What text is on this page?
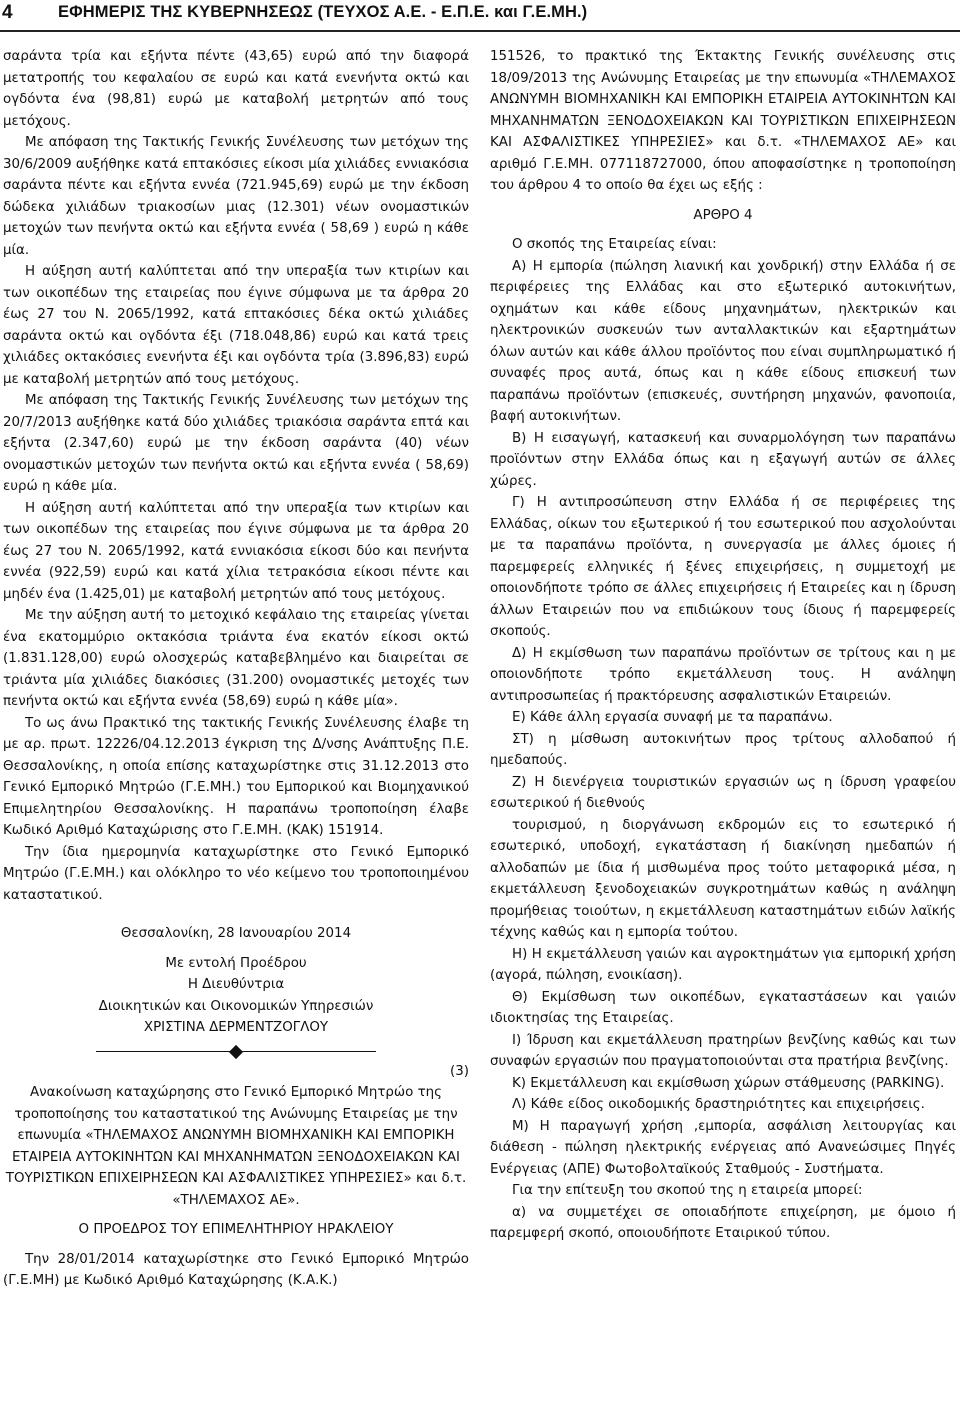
4	ΕΦΗΜΕΡΙΣ ΤΗΣ ΚΥΒΕΡΝΗΣΕΩΣ (ΤΕΥΧΟΣ Α.Ε. - Ε.Π.Ε. και Γ.Ε.ΜΗ.)

σαράντα τρία και εξήντα πέντε (43,65) ευρώ από την διαφορά μετατροπής του κεφαλαίου σε ευρώ και κατά ενενήντα οκτώ και ογδόντα ένα (98,81) ευρώ με καταβολή μετρητών από τους μετόχους.

Με απόφαση της Τακτικής Γενικής Συνέλευσης των μετόχων της 30/6/2009 αυξήθηκε κατά επτακόσιες είκοσι μία χιλιάδες εννιακόσια σαράντα πέντε και εξήντα εννέα (721.945,69) ευρώ με την έκδοση δώδεκα χιλιάδων τριακοσίων μιας (12.301) νέων ονομαστικών μετοχών των πενήντα οκτώ και εξήντα εννέα ( 58,69 ) ευρώ η κάθε μία.

Η αύξηση αυτή καλύπτεται από την υπεραξία των κτιρίων και των οικοπέδων της εταιρείας που έγινε σύμφωνα με τα άρθρα 20 έως 27 του Ν. 2065/1992, κατά επτακόσιες δέκα οκτώ χιλιάδες σαράντα οκτώ και ογδόντα έξι (718.048,86) ευρώ και κατά τρεις χιλιάδες οκτακόσιες ενενήντα έξι και ογδόντα τρία (3.896,83) ευρώ με καταβολή μετρητών από τους μετόχους.

Με απόφαση της Τακτικής Γενικής Συνέλευσης των μετόχων της 20/7/2013 αυξήθηκε κατά δύο χιλιάδες τριακόσια σαράντα επτά και εξήντα (2.347,60) ευρώ με την έκδοση σαράντα (40) νέων ονομαστικών μετοχών των πενήντα οκτώ και εξήντα εννέα ( 58,69) ευρώ η κάθε μία.

Η αύξηση αυτή καλύπτεται από την υπεραξία των κτιρίων και των οικοπέδων της εταιρείας που έγινε σύμφωνα με τα άρθρα 20 έως 27 του Ν. 2065/1992, κατά εννιακόσια είκοσι δύο και πενήντα εννέα (922,59) ευρώ και κατά χίλια τετρακόσια είκοσι πέντε και μηδέν ένα (1.425,01) με καταβολή μετρητών από τους μετόχους.

Με την αύξηση αυτή το μετοχικό κεφάλαιο της εταιρείας γίνεται ένα εκατομμύριο οκτακόσια τριάντα ένα εκατόν είκοσι οκτώ (1.831.128,00) ευρώ ολοσχερώς καταβεβλημένο και διαιρείται σε τριάντα μία χιλιάδες διακόσιες (31.200) ονομαστικές μετοχές των πενήντα οκτώ και εξήντα εννέα (58,69) ευρώ η κάθε μία».

Το ως άνω Πρακτικό της τακτικής Γενικής Συνέλευσης έλαβε τη με αρ. πρωτ. 12226/04.12.2013 έγκριση της Δ/νσης Ανάπτυξης Π.Ε. Θεσσαλονίκης, η οποία επίσης καταχωρίστηκε στις 31.12.2013 στο Γενικό Εμπορικό Μητρώο (Γ.Ε.ΜΗ.) του Εμπορικού και Βιομηχανικού Επιμελητηρίου Θεσσαλονίκης. Η παραπάνω τροποποίηση έλαβε Κωδικό Αριθμό Καταχώρισης στο Γ.Ε.ΜΗ. (ΚΑΚ) 151914.

Την ίδια ημερομηνία καταχωρίστηκε στο Γενικό Εμπορικό Μητρώο (Γ.Ε.ΜΗ.) και ολόκληρο το νέο κείμενο του τροποποιημένου καταστατικού.

Θεσσαλονίκη, 28 Ιανουαρίου 2014

Με εντολή Προέδρου

Η Διευθύντρια

Διοικητικών και Οικονομικών Υπηρεσιών

ΧΡΙΣΤΙΝΑ ΔΕΡΜΕΝΤΖΟΓΛΟΥ

(3)

Ανακοίνωση καταχώρησης στο Γενικό Εμπορικό Μητρώο της τροποποίησης του καταστατικού της Ανώνυμης Εταιρείας με την επωνυμία «ΤΗΛΕΜΑΧΟΣ ΑΝΩΝΥΜΗ ΒΙΟΜΗΧΑΝΙΚΗ ΚΑΙ ΕΜΠΟΡΙΚΗ ΕΤΑΙΡΕΙΑ ΑΥΤΟΚΙΝΗΤΩΝ ΚΑΙ ΜΗΧΑΝΗΜΑΤΩΝ ΞΕΝΟΔΟΧΕΙΑΚΩΝ ΚΑΙ ΤΟΥΡΙΣΤΙΚΩΝ ΕΠΙΧΕΙΡΗΣΕΩΝ ΚΑΙ ΑΣΦΑΛΙΣΤΙΚΕΣ ΥΠΗΡΕΣΙΕΣ» και δ.τ. «ΤΗΛΕΜΑΧΟΣ ΑΕ».

Ο ΠΡΟΕΔΡΟΣ ΤΟΥ ΕΠΙΜΕΛΗΤΗΡΙΟΥ ΗΡΑΚΛΕΙΟΥ

Την 28/01/2014 καταχωρίστηκε στο Γενικό Εμπορικό Μητρώο (Γ.Ε.ΜΗ) με Κωδικό Αριθμό Καταχώρησης (Κ.Α.Κ.)

151526, το πρακτικό της Έκτακτης Γενικής συνέλευσης στις 18/09/2013 της Ανώνυμης Εταιρείας με την επωνυμία «ΤΗΛΕΜΑΧΟΣ ΑΝΩΝΥΜΗ ΒΙΟΜΗΧΑΝΙΚΗ ΚΑΙ ΕΜΠΟΡΙΚΗ ΕΤΑΙΡΕΙΑ ΑΥΤΟΚΙΝΗΤΩΝ ΚΑΙ ΜΗΧΑΝΗΜΑΤΩΝ ΞΕΝΟΔΟΧΕΙΑΚΩΝ ΚΑΙ ΤΟΥΡΙΣΤΙΚΩΝ ΕΠΙΧΕΙΡΗΣΕΩΝ ΚΑΙ ΑΣΦΑΛΙΣΤΙΚΕΣ ΥΠΗΡΕΣΙΕΣ» και δ.τ. «ΤΗΛΕΜΑΧΟΣ ΑΕ» και αριθμό Γ.Ε.ΜΗ. 077118727000, όπου αποφασίστηκε η τροποποίηση του άρθρου 4 το οποίο θα έχει ως εξής :

ΑΡΘΡΟ 4

Ο σκοπός της Εταιρείας είναι:

Α) Η εμπορία (πώληση λιανική και χονδρική) στην Ελλάδα ή σε περιφέρειες της Ελλάδας και στο εξωτερικό αυτοκινήτων, οχημάτων και κάθε είδους μηχανημάτων, ηλεκτρικών και ηλεκτρονικών συσκευών των ανταλλακτικών και εξαρτημάτων όλων αυτών και κάθε άλλου προϊόντος που είναι συμπληρωματικό ή συναφές προς αυτά, όπως και η κάθε είδους επισκευή των παραπάνω προϊόντων (επισκευές, συντήρηση μηχανών, φανοποιία, βαφή αυτοκινήτων.

Β) Η εισαγωγή, κατασκευή και συναρμολόγηση των παραπάνω προϊόντων στην Ελλάδα όπως και η εξαγωγή αυτών σε άλλες χώρες.

Γ) Η αντιπροσώπευση στην Ελλάδα ή σε περιφέρειες της Ελλάδας, οίκων του εξωτερικού ή του εσωτερικού που ασχολούνται με τα παραπάνω προϊόντα, η συνεργασία με άλλες όμοιες ή παρεμφερείς ελληνικές ή ξένες επιχειρήσεις, η συμμετοχή με οποιονδήποτε τρόπο σε άλλες επιχειρήσεις ή Εταιρείες και η ίδρυση άλλων Εταιρειών που να επιδιώκουν τους ίδιους ή παρεμφερείς σκοπούς.

Δ) Η εκμίσθωση των παραπάνω προϊόντων σε τρίτους και η με οποιονδήποτε τρόπο εκμετάλλευση τους. Η ανάληψη αντιπροσωπείας ή πρακτόρευσης ασφαλιστικών Εταιρειών.

Ε) Κάθε άλλη εργασία συναφή με τα παραπάνω.

ΣΤ) η μίσθωση αυτοκινήτων προς τρίτους αλλοδαπού ή ημεδαπούς.

Ζ) Η διενέργεια τουριστικών εργασιών ως η ίδρυση γραφείου εσωτερικού ή διεθνούς

τουρισμού, η διοργάνωση εκδρομών εις το εσωτερικό ή εσωτερικό, υποδοχή, εγκατάσταση ή διακίνηση ημεδαπών ή αλλοδαπών με ίδια ή μισθωμένα προς τούτο μεταφορικά μέσα, η εκμετάλλευση ξενοδοχειακών συγκροτημάτων καθώς η ανάληψη προμήθειας τοιούτων, η εκμετάλλευση καταστημάτων ειδών λαϊκής τέχνης καθώς και η εμπορία τούτου.

Η) Η εκμετάλλευση γαιών και αγροκτημάτων για εμπορική χρήση (αγορά, πώληση, ενοικίαση).

Θ) Εκμίσθωση των οικοπέδων, εγκαταστάσεων και γαιών ιδιοκτησίας της Εταιρείας.

Ι) Ίδρυση και εκμετάλλευση πρατηρίων βενζίνης καθώς και των συναφών εργασιών που πραγματοποιούνται στα πρατήρια βενζίνης.

Κ) Εκμετάλλευση και εκμίσθωση χώρων στάθμευσης (PARKING).

Λ) Κάθε είδος οικοδομικής δραστηριότητες και επιχειρήσεις.

Μ) Η παραγωγή χρήση ,εμπορία, ασφάλιση λειτουργίας και διάθεση - πώληση ηλεκτρικής ενέργειας από Ανανεώσιμες Πηγές Ενέργειας (ΑΠΕ) Φωτοβολταϊκούς Σταθμούς - Συστήματα.

Για την επίτευξη του σκοπού της η εταιρεία μπορεί:

α) να συμμετέχει σε οποιαδήποτε επιχείρηση, με όμοιο ή παρεμφερή σκοπό, οποιουδήποτε Εταιρικού τύπου.
